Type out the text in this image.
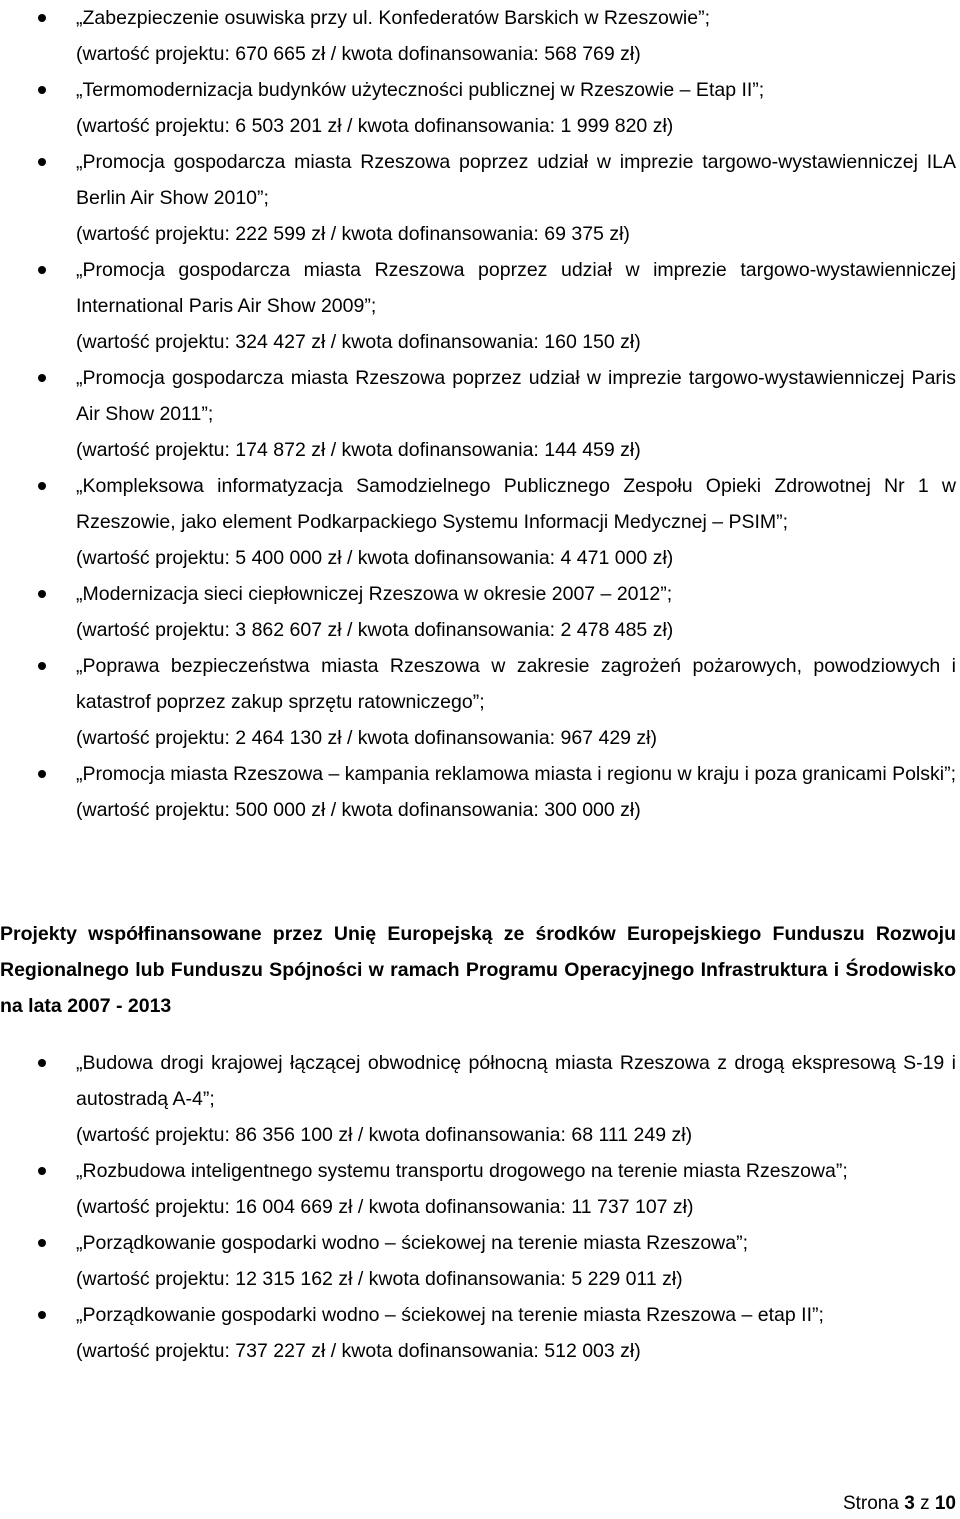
„Zabezpieczenie osuwiska przy ul. Konfederatów Barskich w Rzeszowie”;
(wartość projektu: 670 665 zł / kwota dofinansowania: 568 769 zł)
„Termomodernizacja budynków użyteczności publicznej w Rzeszowie – Etap II”;
(wartość projektu: 6 503 201 zł / kwota dofinansowania: 1 999 820 zł)
„Promocja gospodarcza miasta Rzeszowa poprzez udział w imprezie targowo-wystawienniczej ILA Berlin Air Show 2010”;
(wartość projektu: 222 599 zł / kwota dofinansowania: 69 375 zł)
„Promocja gospodarcza miasta Rzeszowa poprzez udział w imprezie targowo-wystawienniczej International Paris Air Show 2009”;
(wartość projektu: 324 427 zł / kwota dofinansowania: 160 150 zł)
„Promocja gospodarcza miasta Rzeszowa poprzez udział w imprezie targowo-wystawienniczej Paris Air Show 2011”;
(wartość projektu: 174 872 zł / kwota dofinansowania: 144 459 zł)
„Kompleksowa informatyzacja Samodzielnego Publicznego Zespołu Opieki Zdrowotnej Nr 1 w Rzeszowie, jako element Podkarpackiego Systemu Informacji Medycznej – PSIM”;
(wartość projektu: 5 400 000 zł / kwota dofinansowania: 4 471 000 zł)
„Modernizacja sieci ciepłowniczej Rzeszowa w okresie 2007 – 2012”;
(wartość projektu: 3 862 607 zł / kwota dofinansowania: 2 478 485 zł)
„Poprawa bezpieczeństwa miasta Rzeszowa w zakresie zagrożeń pożarowych, powodziowych i katastrof poprzez zakup sprzętu ratowniczego”;
(wartość projektu: 2 464 130 zł / kwota dofinansowania: 967 429 zł)
„Promocja miasta Rzeszowa – kampania reklamowa miasta i regionu w kraju i poza granicami Polski”;
(wartość projektu: 500 000 zł / kwota dofinansowania: 300 000 zł)
Projekty współfinansowane przez Unię Europejską ze środków Europejskiego Funduszu Rozwoju Regionalnego lub Funduszu Spójności w ramach Programu Operacyjnego Infrastruktura i Środowisko na lata 2007 - 2013
„Budowa drogi krajowej łączącej obwodnicę północną miasta Rzeszowa z drogą ekspresową S-19 i autostradą A-4”;
(wartość projektu: 86 356 100 zł / kwota dofinansowania: 68 111 249 zł)
„Rozbudowa inteligentnego systemu transportu drogowego na terenie miasta Rzeszowa”;
(wartość projektu: 16 004 669 zł / kwota dofinansowania: 11 737 107 zł)
„Porządkowanie gospodarki wodno – ściekowej na terenie miasta Rzeszowa”;
(wartość projektu: 12 315 162 zł / kwota dofinansowania: 5 229 011 zł)
„Porządkowanie gospodarki wodno – ściekowej na terenie miasta Rzeszowa – etap II”;
(wartość projektu: 737 227 zł / kwota dofinansowania: 512 003 zł)
Strona 3 z 10
